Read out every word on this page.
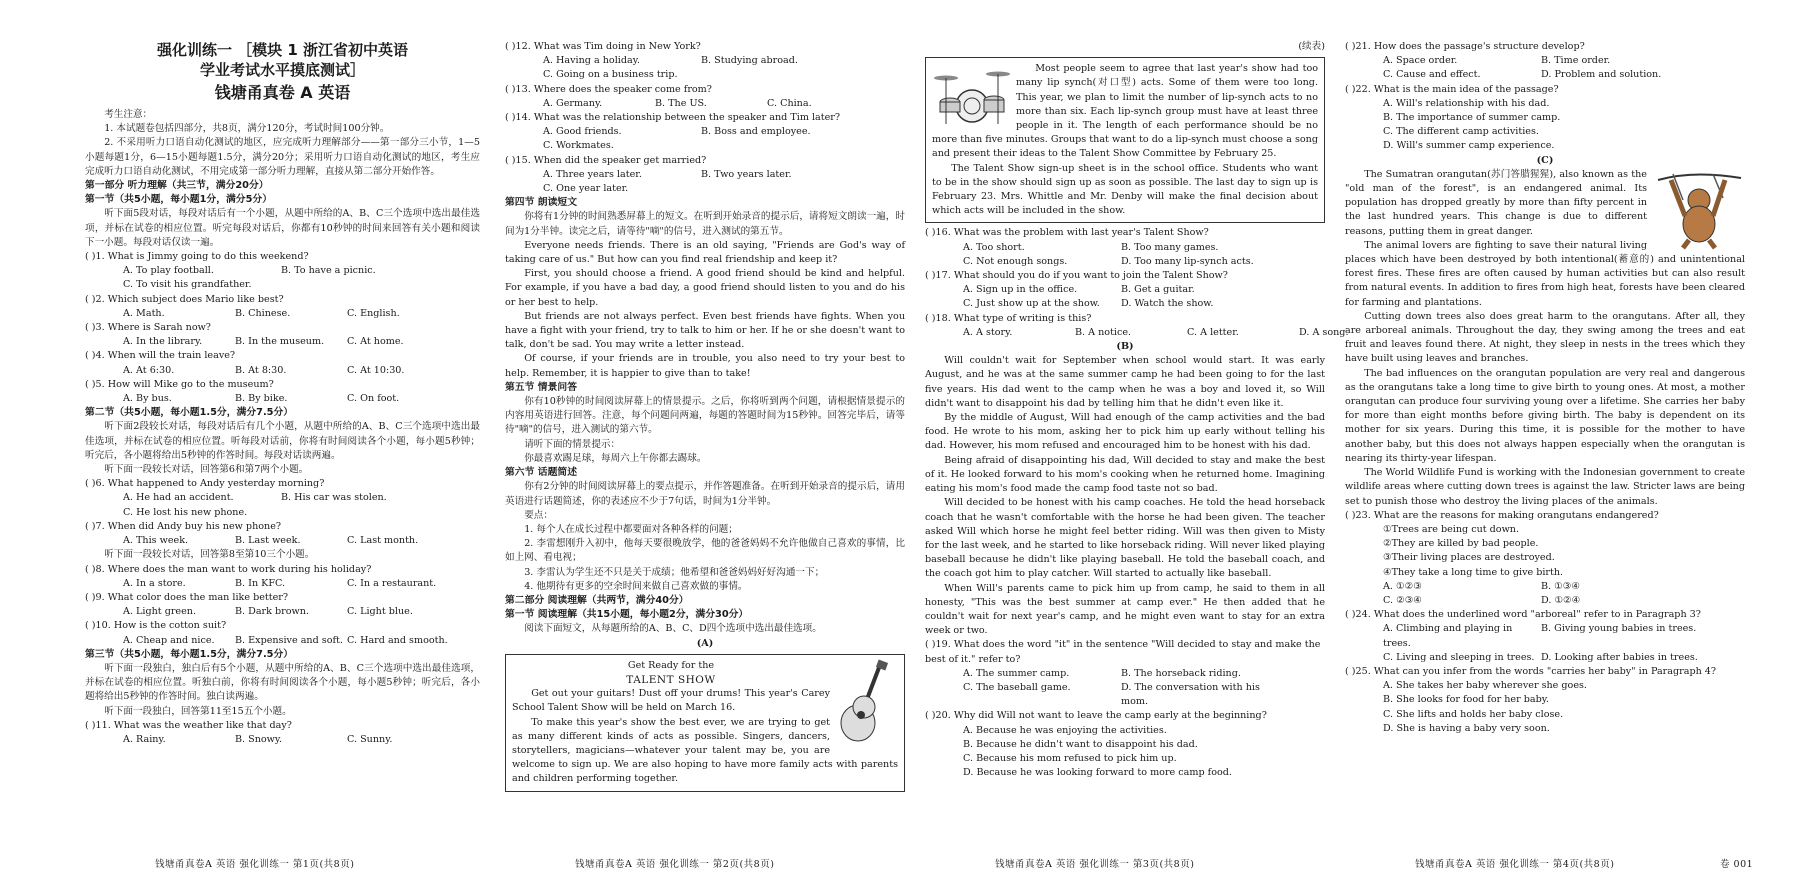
强化训练一 ［模块 1 浙江省初中英语
学业考试水平摸底测试］
钱塘甬真卷 A 英语
考生注意：
1. 本试题卷包括四部分，共8页，满分120分，考试时间100分钟。
2. 不采用听力口语自动化测试的地区，应完成听力理解部分——第一部分三小节，1—5小题每题1分，6—15小题每题1.5分，满分20分；采用听力口语自动化测试的地区，考生应完成听力口语自动化测试，不用完成第一部分听力理解，直接从第二部分开始作答。
第一部分 听力理解（共三节，满分20分）
第一节（共5小题，每小题1分，满分5分）
听下面5段对话，每段对话后有一个小题，从题中所给的A、B、C三个选项中选出最佳选项，并标在试卷的相应位置。听完每段对话后，你都有10秒钟的时间来回答有关小题和阅读下一小题。每段对话仅读一遍。
( )1. What is Jimmy going to do this weekend?
A. To play football.	B. To have a picnic.
C. To visit his grandfather.
( )2. Which subject does Mario like best?
A. Math.	B. Chinese.	C. English.
( )3. Where is Sarah now?
A. In the library.	B. In the museum.	C. At home.
( )4. When will the train leave?
A. At 6:30.	B. At 8:30.	C. At 10:30.
( )5. How will Mike go to the museum?
A. By bus.	B. By bike.	C. On foot.
第二节（共5小题，每小题1.5分，满分7.5分）
听下面2段较长对话，每段对话后有几个小题，从题中所给的A、B、C三个选项中选出最佳选项，并标在试卷的相应位置。听每段对话前，你将有时间阅读各个小题，每小题5秒钟；听完后，各小题将给出5秒钟的作答时间。每段对话读两遍。
听下面一段较长对话，回答第6和第7两个小题。
( )6. What happened to Andy yesterday morning?
A. He had an accident.	B. His car was stolen.
C. He lost his new phone.
( )7. When did Andy buy his new phone?
A. This week.	B. Last week.	C. Last month.
听下面一段较长对话，回答第8至第10三个小题。
( )8. Where does the man want to work during his holiday?
A. In a store.	B. In KFC.	C. In a restaurant.
( )9. What color does the man like better?
A. Light green.	B. Dark brown.	C. Light blue.
( )10. How is the cotton suit?
A. Cheap and nice.	B. Expensive and soft. C. Hard and smooth.
第三节（共5小题，每小题1.5分，满分7.5分）
听下面一段独白，独白后有5个小题，从题中所给的A、B、C三个选项中选出最佳选项，并标在试卷的相应位置。听独白前，你将有时间阅读各个小题，每小题5秒钟；听完后，各小题将给出5秒钟的作答时间。独白读两遍。
听下面一段独白，回答第11至15五个小题。
( )11. What was the weather like that day?
A. Rainy.	B. Snowy.	C. Sunny.
钱塘甬真卷A 英语 强化训练一 第1页(共8页)
( )12. What was Tim doing in New York?
A. Having a holiday.	B. Studying abroad.
C. Going on a business trip.
( )13. Where does the speaker come from?
A. Germany.	B. The US.	C. China.
( )14. What was the relationship between the speaker and Tim later?
A. Good friends.	B. Boss and employee.
C. Workmates.
( )15. When did the speaker get married?
A. Three years later.	B. Two years later.
C. One year later.
第四节 朗读短文
你将有1分钟的时间熟悉屏幕上的短文。在听到开始录音的提示后，请将短文朗读一遍，时间为1分半钟。读完之后，请等待"嘀"的信号，进入测试的第五节。
Everyone needs friends. There is an old saying, "Friends are God's way of taking care of us." But how can you find real friendship and keep it?
First, you should choose a friend. A good friend should be kind and helpful. For example, if you have a bad day, a good friend should listen to you and do his or her best to help.
But friends are not always perfect. Even best friends have fights. When you have a fight with your friend, try to talk to him or her. If he or she doesn't want to talk, don't be sad. You may write a letter instead.
Of course, if your friends are in trouble, you also need to try your best to help. Remember, it is happier to give than to take!
第五节 情景问答
你有10秒钟的时间阅读屏幕上的情景提示。之后，你将听到两个问题，请根据情景提示的内容用英语进行回答。注意，每个问题问两遍，每题的答题时间为15秒钟。回答完毕后，请等待"嘀"的信号，进入测试的第六节。
请听下面的情景提示：
你最喜欢踢足球，每周六上午你都去踢球。
第六节 话题简述
你有2分钟的时间阅读屏幕上的要点提示，并作答题准备。在听到开始录音的提示后，请用英语进行话题简述，你的表述应不少于7句话，时间为1分半钟。
要点：
1. 每个人在成长过程中都要面对各种各样的问题；
2. 李雷想刚升入初中，他每天要很晚放学，他的爸爸妈妈不允许他做自己喜欢的事情，比如上网、看电视；
3. 李雷认为学生还不只是关于成绩；他希望和爸爸妈妈好好沟通一下；
4. 他期待有更多的空余时间来做自己喜欢做的事情。
第二部分 阅读理解（共两节，满分40分）
第一节 阅读理解（共15小题，每小题2分，满分30分）
阅读下面短文，从每题所给的A、B、C、D四个选项中选出最佳选项。
(A)
Get Ready for the
TALENT SHOW

Get out your guitars! Dust off your drums! This year's Carey School Talent Show will be held on March 16.

To make this year's show the best ever, we are trying to get as many different kinds of acts as possible. Singers, dancers, storytellers, magicians—whatever your talent may be, you are welcome to sign up. We are also hoping to have more family acts with parents and children performing together.

钱塘甬真卷A 英语 强化训练一 第2页(共8页)
(续表)

Most people seem to agree that last year's show had too many lip synch(对口型) acts. Some of them were too long. This year, we plan to limit the number of lip-synch acts to no more than six. Each lip-synch group must have at least three people in it. The length of each performance should be no more than five minutes. Groups that want to do a lip-synch must choose a song and present their ideas to the Talent Show Committee by February 25.

The Talent Show sign-up sheet is in the school office. Students who want to be in the show should sign up as soon as possible. The last day to sign up is February 23. Mrs. Whittle and Mr. Denby will make the final decision about which acts will be included in the show.

( )16. What was the problem with last year's Talent Show?
A. Too short.	B. Too many games.
C. Not enough songs.	D. Too many lip-synch acts.
( )17. What should you do if you want to join the Talent Show?
A. Sign up in the office.	B. Get a guitar.
C. Just show up at the show.	D. Watch the show.
( )18. What type of writing is this?
A. A story.	B. A notice.	C. A letter.	D. A song.
(B)
Will couldn't wait for September when school would start. It was early August, and he was at the same summer camp he had been going to for the last five years. His dad went to the camp when he was a boy and loved it, so Will didn't want to disappoint his dad by telling him that he didn't even like it.
By the middle of August, Will had enough of the camp activities and the bad food. He wrote to his mom, asking her to pick him up early without telling his dad. However, his mom refused and encouraged him to be honest with his dad.
Being afraid of disappointing his dad, Will decided to stay and make the best of it. He looked forward to his mom's cooking when he returned home. Imagining eating his mom's food made the camp food taste not so bad.
Will decided to be honest with his camp coaches. He told the head horseback coach that he wasn't comfortable with the horse he had been given. The teacher asked Will which horse he might feel better riding. Will was then given to Misty for the last week, and he started to like horseback riding. Will never liked playing baseball because he didn't like playing baseball. He told the baseball coach, and the coach got him to play catcher. Will started to actually like baseball.
When Will's parents came to pick him up from camp, he said to them in all honesty, "This was the best summer at camp ever." He then added that he couldn't wait for next year's camp, and he might even want to stay for an extra week or two.
( )19. What does the word "it" in the sentence "Will decided to stay and make the best of it." refer to?
A. The summer camp.	B. The horseback riding.
C. The baseball game.	D. The conversation with his mom.
( )20. Why did Will not want to leave the camp early at the beginning?
A. Because he was enjoying the activities.
B. Because he didn't want to disappoint his dad.
C. Because his mom refused to pick him up.
D. Because he was looking forward to more camp food.
钱塘甬真卷A 英语 强化训练一 第3页(共8页)
( )21. How does the passage's structure develop?
A. Space order.	B. Time order.
C. Cause and effect.	D. Problem and solution.
( )22. What is the main idea of the passage?
A. Will's relationship with his dad.
B. The importance of summer camp.
C. The different camp activities.
D. Will's summer camp experience.
(C)

The Sumatran orangutan(苏门答腊猩猩), also known as the "old man of the forest", is an endangered animal. Its population has dropped greatly by more than fifty percent in the last hundred years. This change is due to different reasons, putting them in great danger.

The animal lovers are fighting to save their natural living places which have been destroyed by both intentional(蓄意的) and unintentional forest fires. These fires are often caused by human activities but can also result from natural events. In addition to fires from high heat, forests have been cleared for farming and plantations.
Cutting down trees also does great harm to the orangutans. After all, they are arboreal animals. Throughout the day, they swing among the trees and eat fruit and leaves found there. At night, they sleep in nests in the trees which they have built using leaves and branches.
The bad influences on the orangutan population are very real and dangerous as the orangutans take a long time to give birth to young ones. At most, a mother orangutan can produce four surviving young over a lifetime. She carries her baby for more than eight months before giving birth. The baby is dependent on its mother for six years. During this time, it is possible for the mother to have another baby, but this does not always happen especially when the orangutan is nearing its thirty-year lifespan.
The World Wildlife Fund is working with the Indonesian government to create wildlife areas where cutting down trees is against the law. Stricter laws are being set to punish those who destroy the living places of the animals.
( )23. What are the reasons for making orangutans endangered?
①Trees are being cut down.
②They are killed by bad people.
③Their living places are destroyed.
④They take a long time to give birth.
A. ①②③	B. ①③④
C. ②③④	D. ①②④
( )24. What does the underlined word "arboreal" refer to in Paragraph 3?
A. Climbing and playing in trees.
B. Giving young babies in trees.
C. Living and sleeping in trees. D. Looking after babies in trees.
( )25. What can you infer from the words "carries her baby" in Paragraph 4?
A. She takes her baby wherever she goes.
B. She looks for food for her baby.
C. She lifts and holds her baby close.
D. She is having a baby very soon.
钱塘甬真卷A 英语 强化训练一 第4页(共8页)	卷 001
